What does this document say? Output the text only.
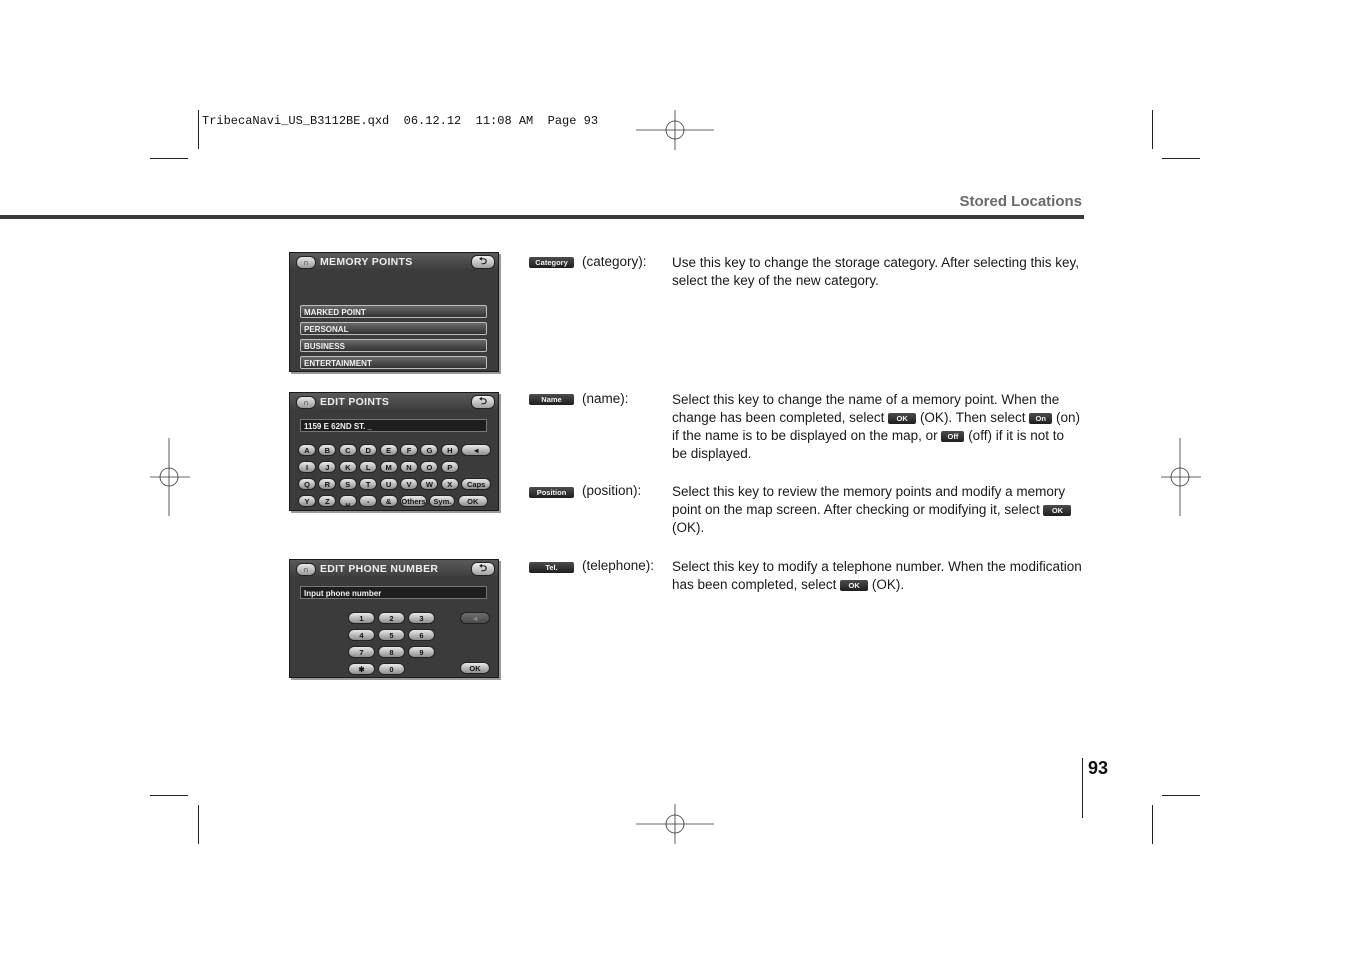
TribecaNavi_US_B3112BE.qxd  06.12.12  11:08 AM  Page 93
Stored Locations
93
∩	MEMORY POINTS	⮌
MARKED POINT
PERSONAL
BUSINESS
ENTERTAINMENT
∩	EDIT POINTS	⮌
1159 E 62ND ST. _
A	B	C	D	E	F	G	H	◄
I	J	K	L	M	N	O	P
Q	R	S	T	U	V	W	X	Caps
Y	Z	␣	-	&	Others	Sym.	OK
∩	EDIT PHONE NUMBER	⮌
Input phone number
1	2	3
4	5	6
7	8	9
✱	0
◄
OK
Category	(category): Use this key to change the storage category. After selecting this key, select the key of the new category.
Name	(name):	Select this key to change the name of a memory point. When the change has been completed, select OK (OK). Then select On (on) if the name is to be displayed on the map, or Off (off) if it is not to be displayed.
Position	(position): Select this key to review the memory points and modify a memory point on the map screen. After checking or modifying it, select OK (OK).
Tel.	(telephone): Select this key to modify a telephone number. When the modification has been completed, select OK (OK).
